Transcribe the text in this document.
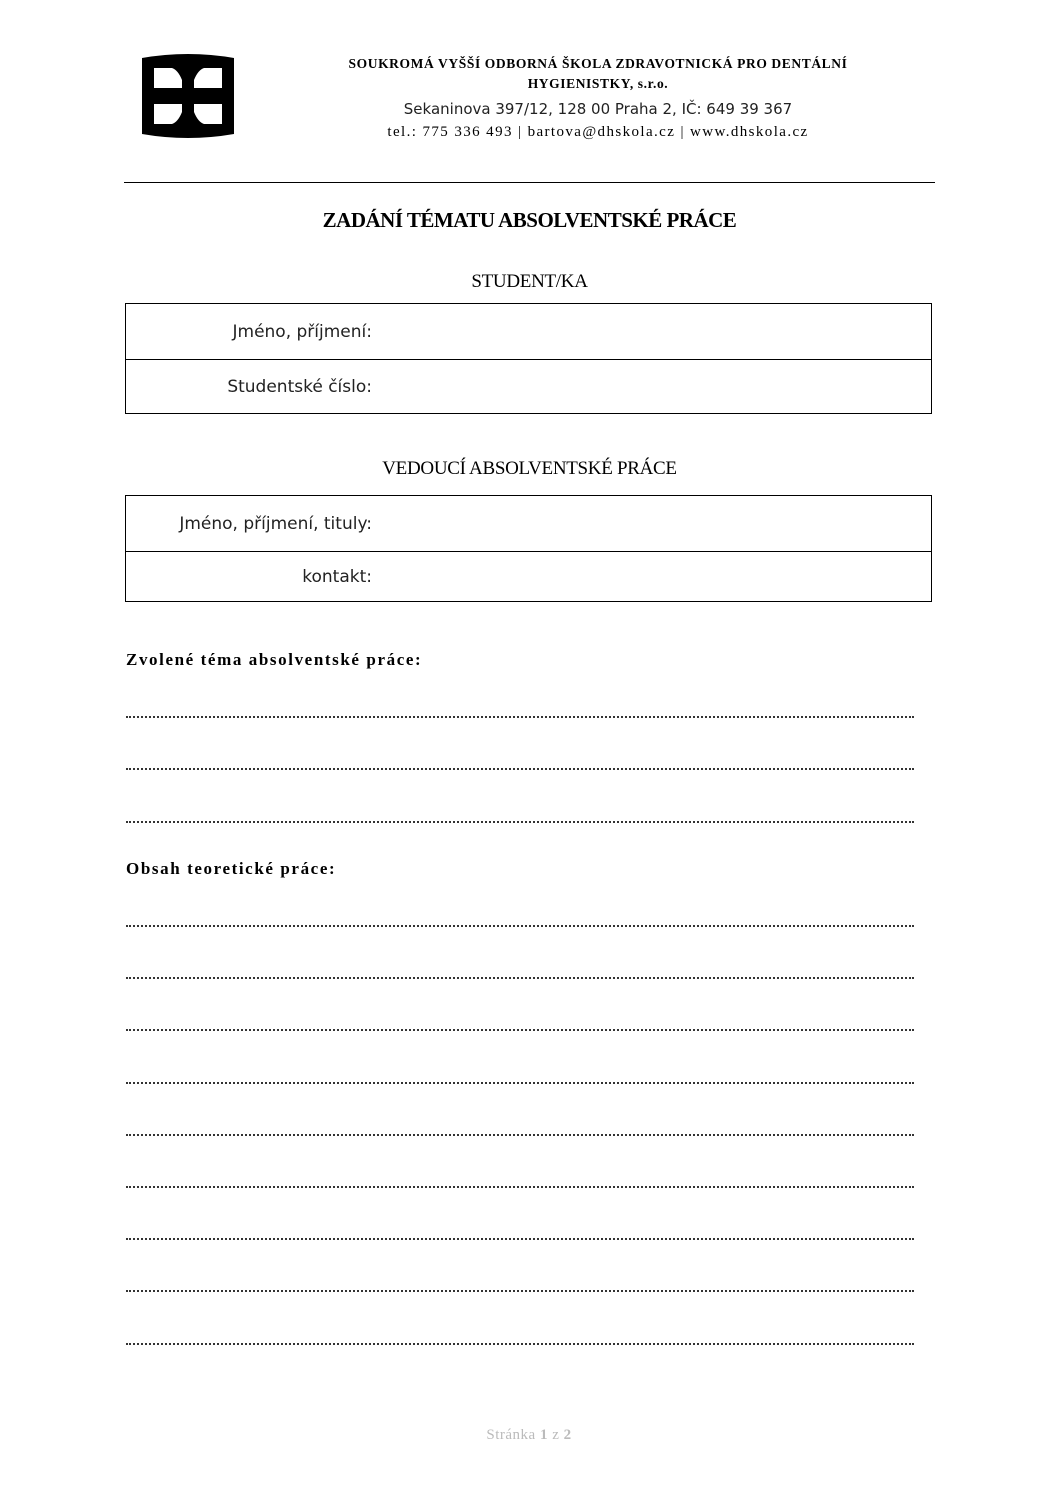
SOUKROMÁ VYŠŠÍ ODBORNÁ ŠKOLA ZDRAVOTNICKÁ PRO DENTÁLNÍ
HYGIENISTKY, s.r.o.
Sekaninova 397/12, 128 00 Praha 2, IČ: 649 39 367
tel.: 775 336 493 | bartova@dhskola.cz | www.dhskola.cz
ZADÁNÍ TÉMATU ABSOLVENTSKÉ PRÁCE
STUDENT/KA
Jméno, příjmení:
Studentské číslo:
VEDOUCÍ ABSOLVENTSKÉ PRÁCE
Jméno, příjmení, tituly:
kontakt:
Zvolené téma absolventské práce:
Obsah teoretické práce:
Stránka 1 z 2
